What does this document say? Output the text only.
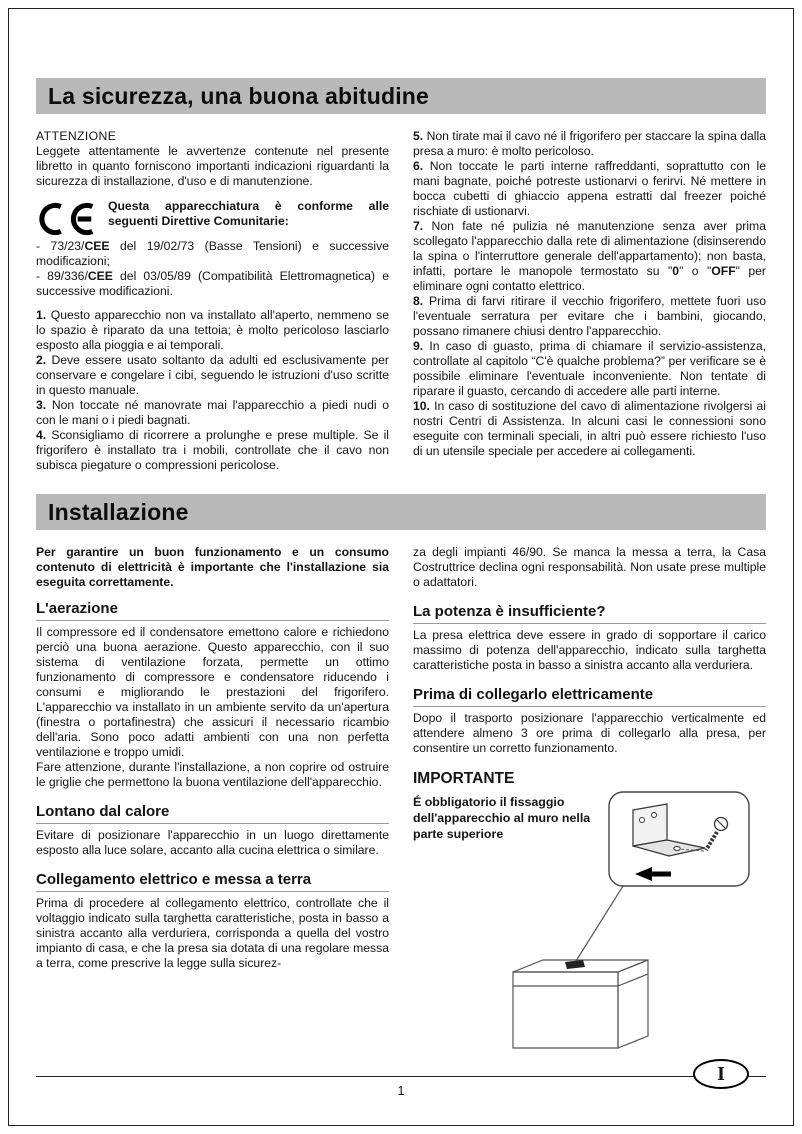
La sicurezza, una buona abitudine

ATTENZIONE

Leggete attentamente le avvertenze contenute nel presente libretto in quanto forniscono importanti indicazioni riguardanti la sicurezza di installazione, d'uso e di manutenzione.

Questa apparecchiatura è conforme alle seguenti Direttive Comunitarie:

- 73/23/CEE del 19/02/73 (Basse Tensioni) e successive modificazioni;

- 89/336/CEE del 03/05/89 (Compatibilità Elettromagnetica) e successive modificazioni.

1. Questo apparecchio non va installato all'aperto, nemmeno se lo spazio è riparato da una tettoia; è molto pericoloso lasciarlo esposto alla pioggia e ai temporali.

2. Deve essere usato soltanto da adulti ed esclusivamente per conservare e congelare i cibi, seguendo le istruzioni d'uso scritte in questo manuale.

3. Non toccate né manovrate mai l'apparecchio a piedi nudi o con le mani o i piedi bagnati.

4. Sconsigliamo di ricorrere a prolunghe e prese multiple. Se il frigorifero è installato tra i mobili, controllate che il cavo non subisca piegature o compressioni pericolose.

5. Non tirate mai il cavo né il frigorifero per staccare la spina dalla presa a muro: è molto pericoloso.

6. Non toccate le parti interne raffreddanti, soprattutto con le mani bagnate, poiché potreste ustionarvi o ferirvi. Né mettere in bocca cubetti di ghiaccio appena estratti dal freezer poiché rischiate di ustionarvi.

7. Non fate né pulizia né manutenzione senza aver prima scollegato l'apparecchio dalla rete di alimentazione (disinserendo la spina o l'interruttore generale dell'appartamento); non basta, infatti, portare le manopole termostato su "0" o "OFF" per eliminare ogni contatto elettrico.

8. Prima di farvi ritirare il vecchio frigorifero, mettete fuori uso l'eventuale serratura per evitare che i bambini, giocando, possano rimanere chiusi dentro l'apparecchio.

9. In caso di guasto, prima di chiamare il servizio-assistenza, controllate al capitolo “C'è qualche problema?” per verificare se è possibile eliminare l'eventuale inconveniente. Non tentate di riparare il guasto, cercando di accedere alle parti interne.

10. In caso di sostituzione del cavo di alimentazione rivolgersi ai nostri Centri di Assistenza. In alcuni casi le connessioni sono eseguite con terminali speciali, in altri può essere richiesto l'uso di un utensile speciale per accedere ai collegamenti.

Installazione

Per garantire un buon funzionamento e un consumo contenuto di elettricità è importante che l'installazione sia eseguita correttamente.

L'aerazione

Il compressore ed il condensatore emettono calore e richiedono perciò una buona aerazione. Questo apparecchio, con il suo sistema di ventilazione forzata, permette un ottimo funzionamento di compressore e condensatore riducendo i consumi e migliorando le prestazioni del frigorifero. L'apparecchio va installato in un ambiente servito da un'apertura (finestra o portafinestra) che assicuri il necessario ricambio dell'aria. Sono poco adatti ambienti con una non perfetta ventilazione e troppo umidi.

Fare attenzione, durante l'installazione, a non coprire od ostruire le griglie che permettono la buona ventilazione dell'apparecchio.

Lontano dal calore

Evitare di posizionare l'apparecchio in un luogo direttamente esposto alla luce solare, accanto alla cucina elettrica o similare.

Collegamento elettrico e messa a terra

Prima di procedere al collegamento elettrico, controllate che il voltaggio indicato sulla targhetta caratteristiche, posta in basso a sinistra accanto alla verduriera, corrisponda a quella del vostro impianto di casa, e che la presa sia dotata di una regolare messa a terra, come prescrive la legge sulla sicurez-

za degli impianti 46/90. Se manca la messa a terra, la Casa Costruttrice declina ogni responsabilità. Non usate prese multiple o adattatori.

La potenza è insufficiente?

La presa elettrica deve essere in grado di sopportare il carico massimo di potenza dell'apparecchio, indicato sulla targhetta caratteristiche posta in basso a sinistra accanto alla verduriera.

Prima di collegarlo elettricamente

Dopo il trasporto posizionare l'apparecchio verticalmente ed attendere almeno 3 ore prima di collegarlo alla presa, per consentire un corretto funzionamento.

IMPORTANTE

É obbligatorio il fissaggio dell'apparecchio al muro nella parte superiore

1
I
